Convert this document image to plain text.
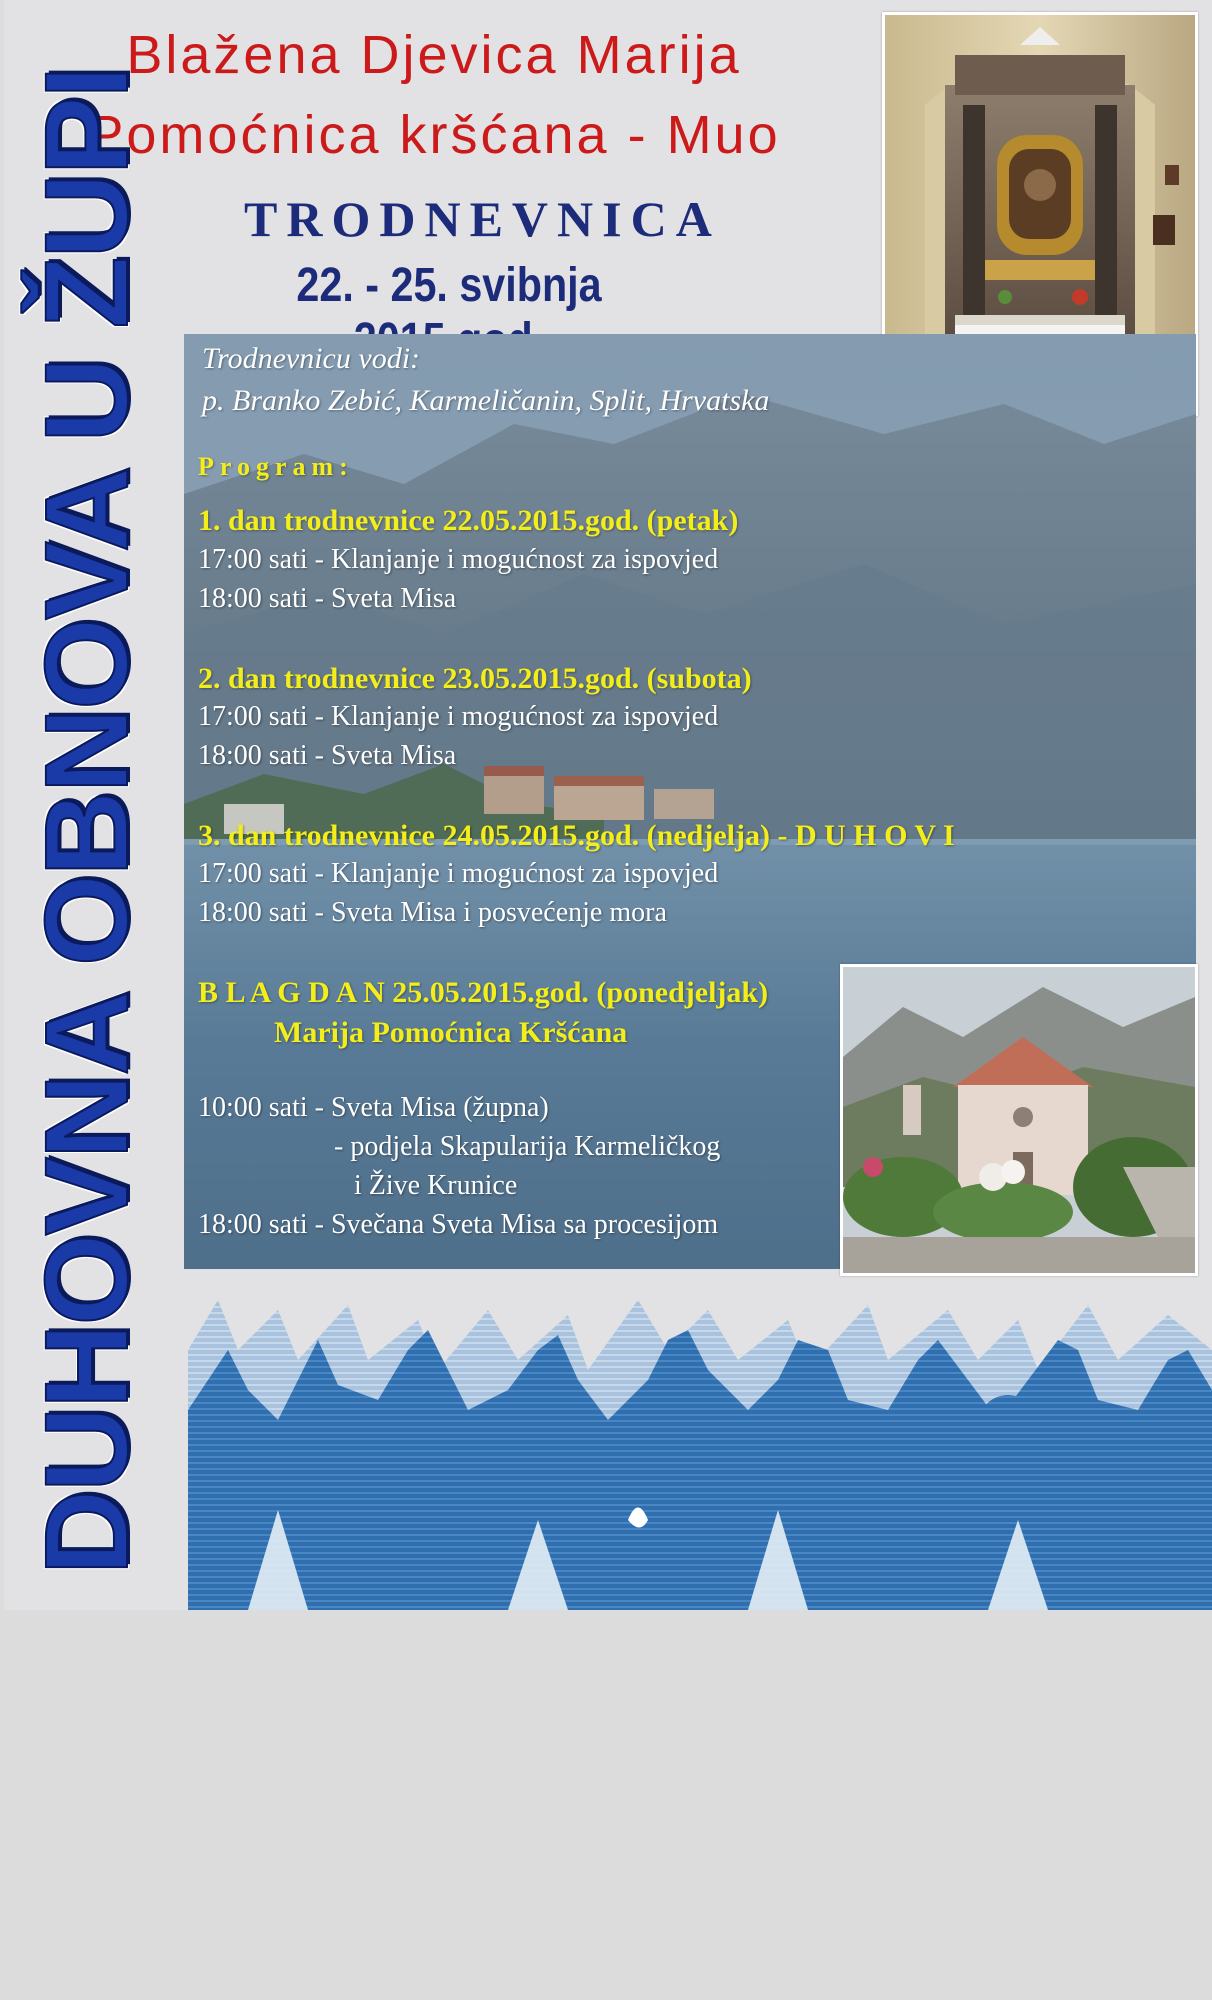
Blažena Djevica Marija
Pomoćnica kršćana - Muo
TRODNEVNICA
22. - 25. svibnja
DUHOVNA OBNOVA U ŽUPI Trodnevnicu vodi:
p. Branko Zebić, Karmeličanin, Split, Hrvatska
Program:
1. dan trodnevnice 22.05.2015.god. (petak)
17:00 sati - Klanjanje i mogućnost za ispovjed
18:00 sati - Sveta Misa
2. dan trodnevnice 23.05.2015.god. (subota)
17:00 sati - Klanjanje i mogućnost za ispovjed
18:00 sati - Sveta Misa
3. dan trodnevnice 24.05.2015.god. (nedjelja) - D U H O V I
17:00 sati - Klanjanje i mogućnost za ispovjed
18:00 sati - Sveta Misa i posvećenje mora
B L A G D A N 25.05.2015.god. (ponedjeljak)
Marija Pomoćnica Kršćana
10:00 sati - Sveta Misa (župna)
- podjela Skapularija Karmeličkog
i Žive Krunice
18:00 sati - Svečana Sveta Misa sa procesijom
